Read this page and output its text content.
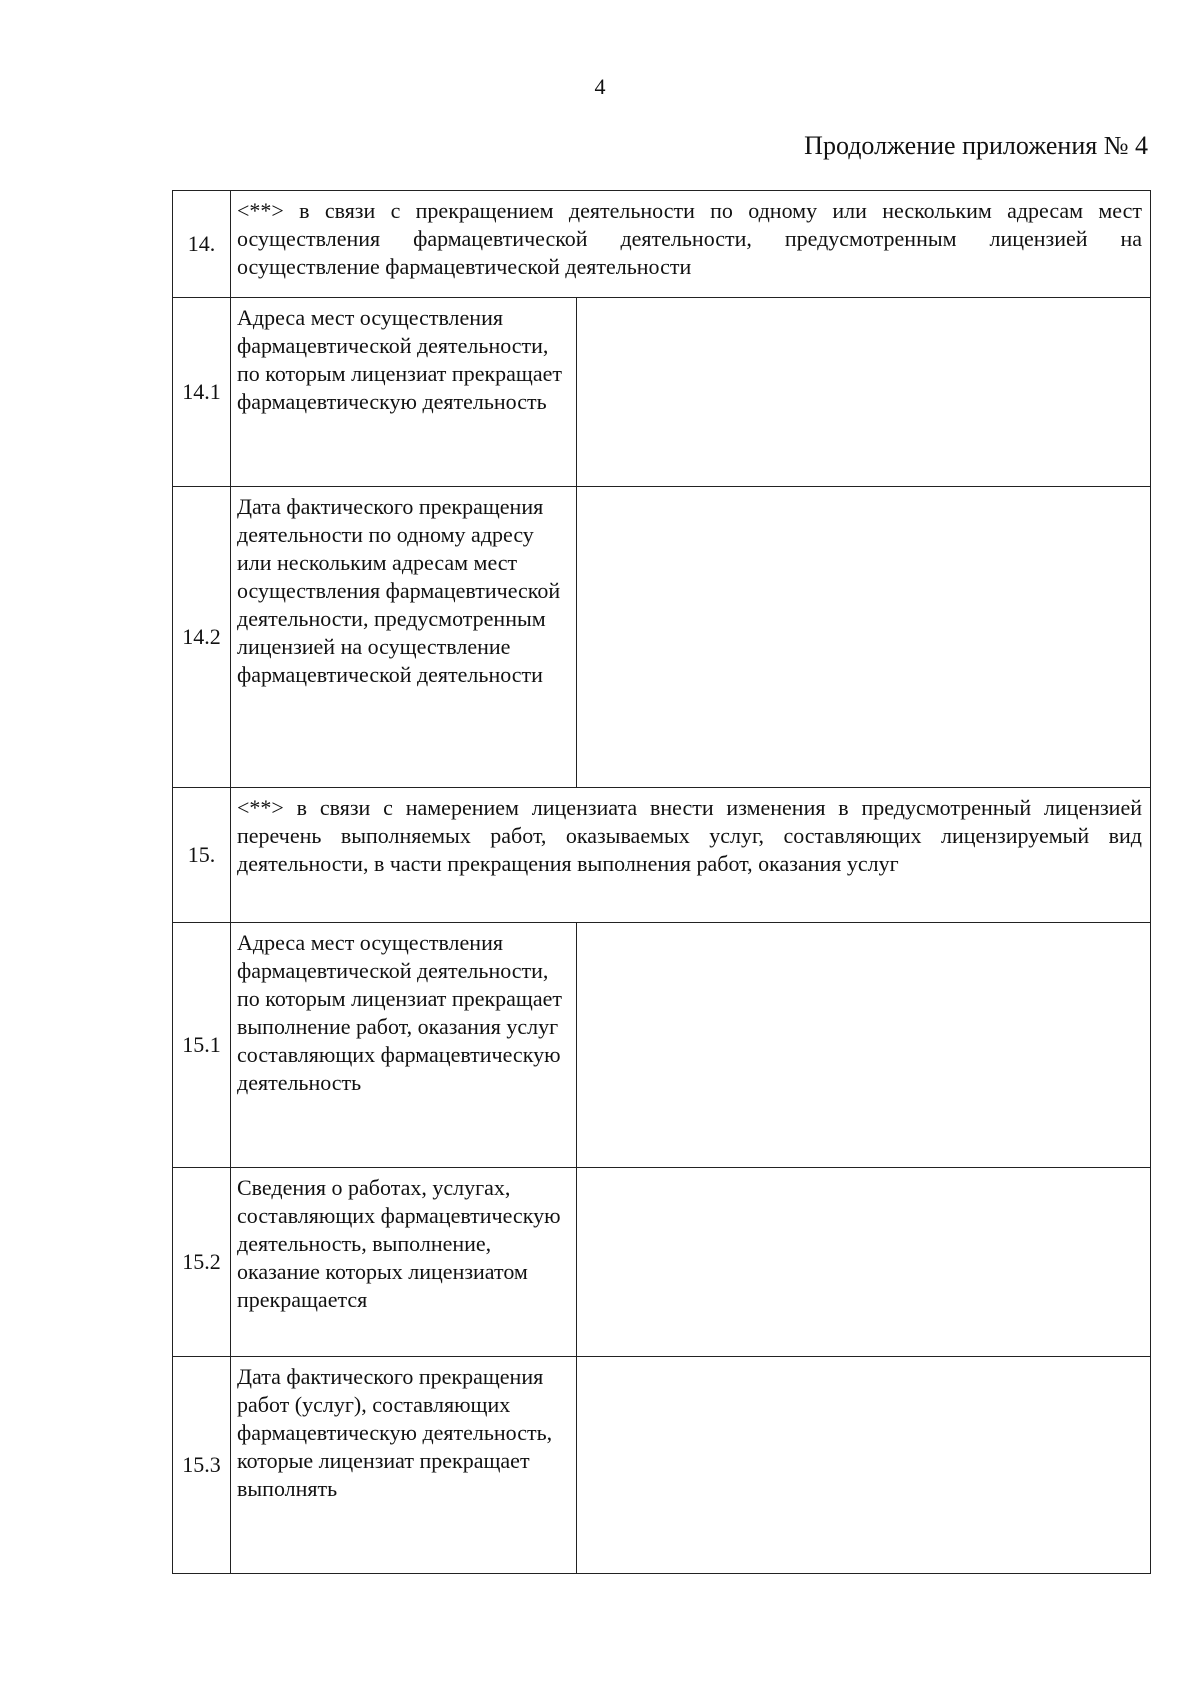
4
Продолжение приложения № 4
14.	<**> в связи с прекращением деятельности по одному или нескольким адресам мест осуществления фармацевтической деятельности, предусмотренным лицензией на осуществление фармацевтической деятельности	
14.1	Адреса мест осуществления фармацевтической деятельности, по которым лицензиат прекращает фармацевтическую деятельность	
14.2	Дата фактического прекращения деятельности по одному адресу или нескольким адресам мест осуществления фармацевтической деятельности, предусмотренным лицензией на осуществление фармацевтической деятельности	
15.	<**> в связи с намерением лицензиата внести изменения в предусмотренный лицензией перечень выполняемых работ, оказываемых услуг, составляющих лицензируемый вид деятельности, в части прекращения выполнения работ, оказания услуг	
15.1	Адреса мест осуществления фармацевтической деятельности, по которым лицензиат прекращает выполнение работ, оказания услуг составляющих фармацевтическую деятельность	
15.2	Сведения о работах, услугах, составляющих фармацевтическую деятельность, выполнение, оказание которых лицензиатом прекращается	
15.3	Дата фактического прекращения работ (услуг), составляющих фармацевтическую деятельность, которые лицензиат прекращает выполнять	
